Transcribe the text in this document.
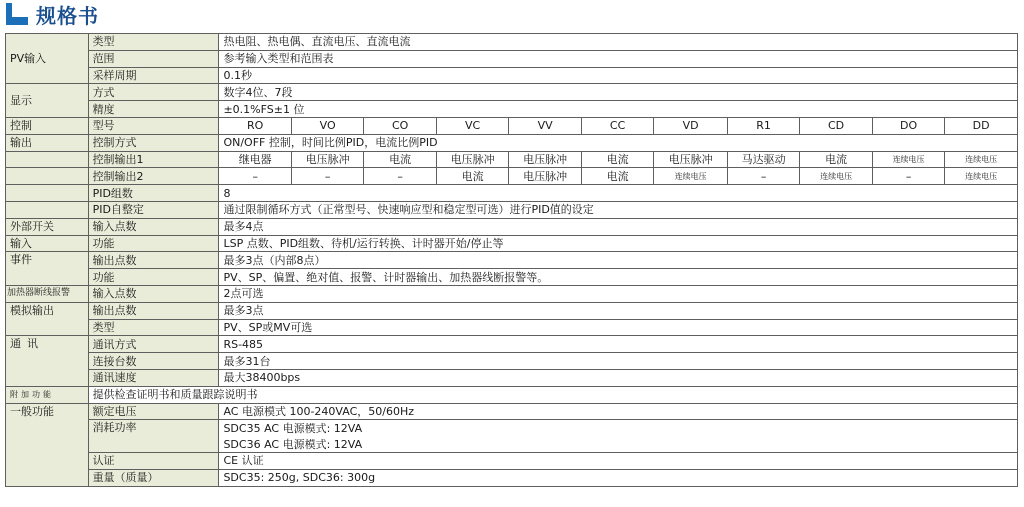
规格书
PV输入	类型	热电阻、热电偶、直流电压、直流电流										
	范围	参考输入类型和范围表										
	采样周期	0.1秒										
显示	方式	数字4位、7段										
	精度	±0.1%FS±1 位										
控制	型号	RO	VO	CO	VC	VV	CC	VD	R1	CD	DO	DD
输出	控制方式	ON/OFF 控制，时间比例PID，电流比例PID										
	控制输出1	继电器	电压脉冲	电流	电压脉冲	电压脉冲	电流	电压脉冲	马达驱动	电流	连续电压	连续电压
	控制输出2	–	–	–	电流	电压脉冲	电流	连续电压	–	连续电压	–	连续电压
	PID组数	8										
	PID自整定	通过限制循环方式（正常型号、快速响应型和稳定型可选）进行PID值的设定										
外部开关	输入点数	最多4点										
输入	功能	LSP 点数、PID组数、待机/运行转换、计时器开始/停止等										
事件	输出点数	最多3点（内部8点）										
	功能	PV、SP、偏置、绝对值、报警、计时器输出、加热器线断报警等。										
加热器断线报警	输入点数	2点可选										
模拟输出	输出点数	最多3点										
	类型	PV、SP或MV可选										
通讯	通讯方式	RS-485										
	连接台数	最多31台										
	通讯速度	最大38400bps										
附加功能	提供检查证明书和质量跟踪说明书											
一般功能	额定电压	AC 电源模式 100-240VAC，50/60Hz										
	消耗功率	SDC35 AC 电源模式: 12VA										
		SDC36 AC 电源模式: 12VA										
	认证	CE 认证										
	重量（质量）	SDC35: 250g, SDC36: 300g										
